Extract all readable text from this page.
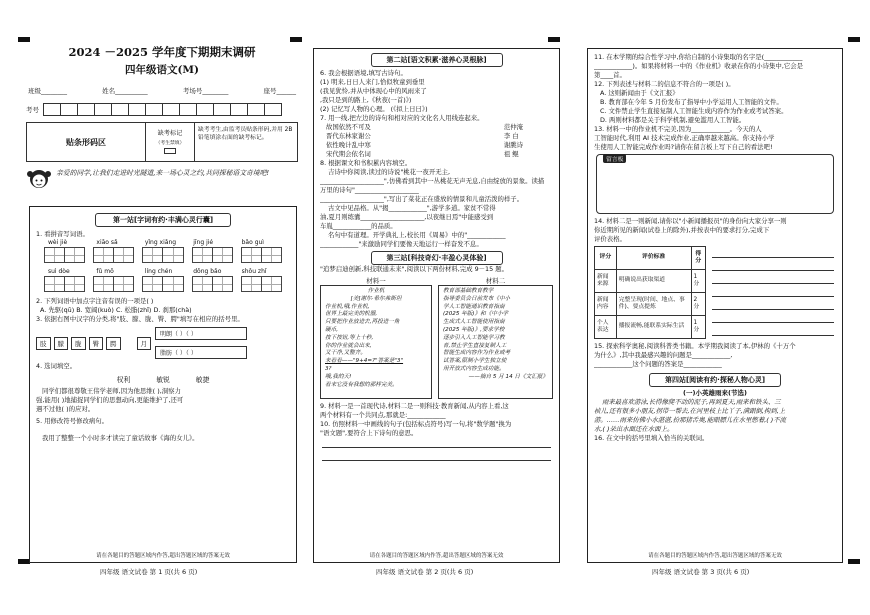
2024 －2025 学年度下期期末调研
四年级语文(M)
班级________	姓名__________	考场号________	座号______
考号
贴条形码区
缺考标记
（考生禁填）
缺考考生,由监考员贴条形码,并用 2B 铅笔填涂右面的缺考标记。
亲爱的同学,让我们走进时光隧道,来一场心灵之约,共同探秘语文奇境吧!
第一站[字词有约·丰满心灵行囊]

1. 看拼音写词语。

wèi jiè	xiāo sǎ	yǐng xiǎng	jīng jié	bǎo guì
suì dòe	fǔ mō	líng chén	dōng bǎo	shǒu zhǐ

2. 下列词语中加点字注音有误的一项是( )

A. 先驱(qū) B. 宽阔(kuò) C. 松脂(zhǐ) D. 刹那(chà)

3. 依据右图中汉字的分类,将"肢、朦、胧、臀、腭"填写在相应的括号里。

肢	朦	胧	臀	腭	月
明朗（ ）（ ）
脂肪（ ）（ ）

4. 选词填空。

权利	敏锐	敏捷

同学们都很尊敬王伟学老师,因为他思维( ),洞察力

强,能用( )地捕捉同学们的思想动向,更能维护了,还可

遇不过他( )的应对。

5. 用修改符号修改病句。

我用了整整一个小时多才读完了童话故事《海的女儿》。

请在各题目的答题区域内作答,超出答题区域的答案无效
四年级 语文试卷 第 1 页(共 6 页)
第二站[语文积累·滋养心灵根脉]

6. 我会根据语境,填写古诗句。

(1) 明来,日日人来门,恰似牧童到垂里

(我见犹怜,并从中体现心中的风雨来了

,我只是到的路上,《秋夜(一首)》)

(2) 记忆写人物的心理。 (《拟上日曰》)

7. 用一线,把左边的诗句和相对应的文化名人用线连起来。

故国依然不可及

晋代东林家谢公

依性晚计乱中寒

宋代期会依名词

范仲淹

李 白

谢朓诗

祖 鲲

8. 根据课文和书积累内容填空。

吉诗中你阅读,读过的诗说"桃花一夜开无主,

____________________",仿佛看到其中一丛桃花无声无息,自由绽放的景象。读描

万里的诗句"____________________

____________________",写出了菜花正在盛放的情景和儿童活泼的样子。

古文中见品格。从"揭____________",游学多道。家贫不常得

油,夏月则练囊____________________,以夜继日焉"中能感受到

车胤____________的品质。

名句中有道理。开学典礼上,校长用《周易》中的"____________

____________"来激励同学们要像天地运行一样奋发不息。

第三站[科技奇幻·丰盈心灵体验]

"追梦启迪创新,科技联通未来",阅读以下两份材料,完成 9－15 题。

材料一
作业机
[美]谢尔·希尔弗斯坦
作业机,哦,作业机,
世界上最完美的机器,
只要把作业放进去,再投进一角
硬币,
按下按钮,等上十秒,
你的作业就会出来,
又干净,又整齐。
来看看——"9+4=?"答案是"3"
3?
哦,我的天!
看来它没有我想的那样完美。
材料二
教育部基础教育教学
指导委员会日前发布《中小
学人工智能通识教育指南
(2025 年版)》和《中小学
生成式人工智能使用指南
(2025 年版)》,要求学校
逐步引入人工智能学习教
育,禁止学生直接复制人工
智能生成内容作为作业或考
试答案,限制小学生独立使
用开放式内容生成功能。
——摘自 5 月 14 日《文汇报》

9. 材料一是一首现代诗,材料二是一则科技·教育新闻,从内容上看,这

两个材料有一个共同点,那就是:____________

10. 仿照材料一中画线的句子(包括标点符号)写一句,将"数学题"换为

"语文题",要符合上下诗句的意思。

请在各题目的答题区域内作答,超出答题区域的答案无效
四年级 语文试卷 第 2 页(共 6 页)

11. 在本学期的综合性学习中,你给自制的小诗集取的名字是(____________

____________)。如果将材料一中的《作业机》收录在你的小诗集中,它会是

第____首。

12. 下列表述与材料二的信息不符合的一项是( )。

A. 这则新闻由于《文汇报》

B. 教育部在今年 5 月份发布了指导中小学运用人工智能的文件。

C. 文件禁止学生直接复制人工智能生成内容作为作业或考试答案。

D. 两则材料都是关于科学机制,避免滥用人工智能。

13. 材料一中的作业机不完美,因为____________。今天的人

工智能时代,利用 AI 技术完成作业,正确率越来越高。你支持小学

生使用人工智能完成作业吗?请你在留言板上写下自己的看法吧!

留言板

14. 材料二是一则新闻,请你以"小新闻播报员"的身份向大家分享一则

你近期所见的新闻(试卷上的除外),并按表中的要求打分,完成下

评价表格。

评分	评价标准	得分
新闻来源	明确说出获取渠道	1 分
新闻内容	完整呈现(时间、地点、事件)、要点提炼	2 分
个人表达	播报流畅,能联系实际生活	1 分

15. 探索科学奥秘,阅读科普类书籍。本学期我阅读了本,伊林的《十万个

为什么》,其中我最感兴趣的问题是____________,

____________这个问题的答案是____________

第四站[阅读有约·探秘人物心灵]
(一)小英雄雨来(节选)

雨来最喜欢游泳,长得像爬不动的泥子,再到夏天,雨来和铁头、三

祯儿,还有很多小朋友,拐带一帮去,在河里枝上比丫子,满跟倒,拘到,上

游。……雨来仿佛小水湛湛,扮那猪舌奥,能眼膘儿在水里憋着,( )不流

水,( )朵出水面还在水面上。

16. 在文中的括号里填入恰当的关联词。

请在各题目的答题区域内作答,超出答题区域的答案无效
四年级 语文试卷 第 3 页(共 6 页)
